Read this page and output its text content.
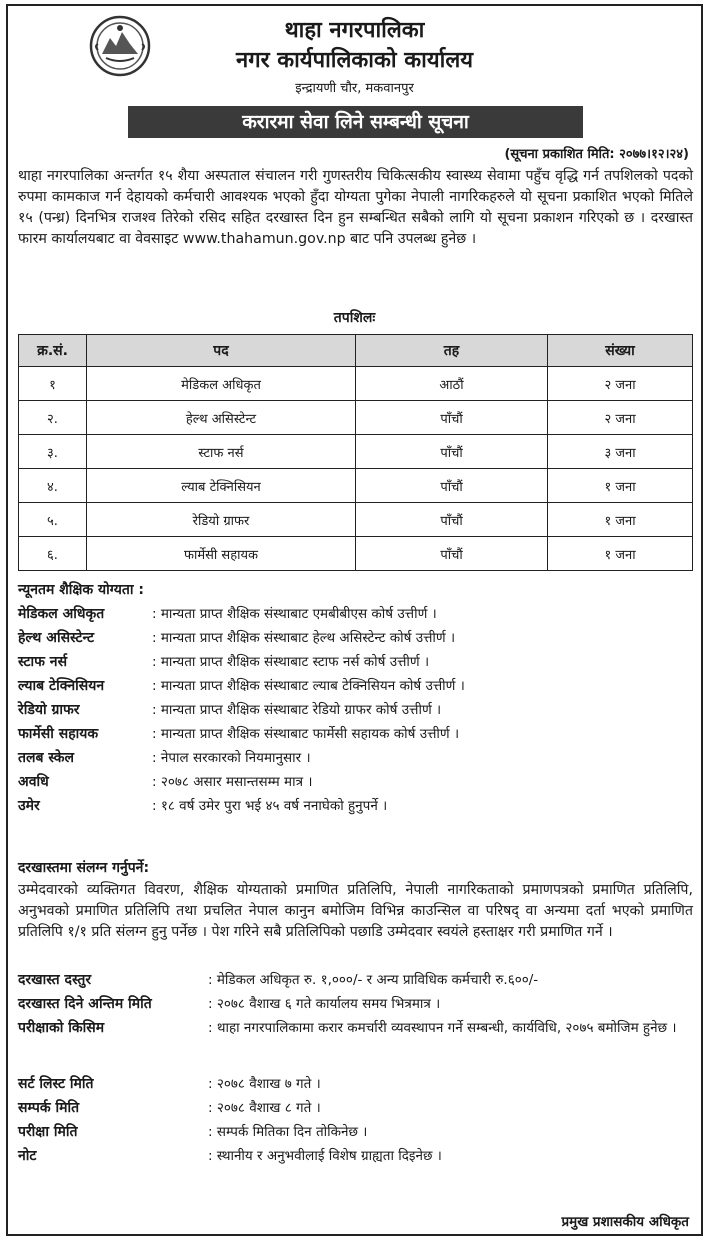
थाहा नगरपालिका
नगर कार्यपालिकाको कार्यालय
इन्द्रायणी चौर, मकवानपुर
करारमा सेवा लिने सम्बन्धी सूचना
(सूचना प्रकाशित मिति: २०७७।१२।२४)
थाहा नगरपालिका अन्तर्गत १५ शैया अस्पताल संचालन गरी गुणस्तरीय चिकित्सकीय स्वास्थ्य सेवामा पहुँच वृद्धि गर्न तपशिलको पदको रुपमा कामकाज गर्न देहायको कर्मचारी आवश्यक भएको हुँदा योग्यता पुगेका नेपाली नागरिकहरुले यो सूचना प्रकाशित भएको मितिले १५ (पन्ध्र) दिनभित्र राजश्व तिरेको रसिद सहित दरखास्त दिन हुन सम्बन्धित सबैको लागि यो सूचना प्रकाशन गरिएको छ । दरखास्त फारम कार्यालयबाट वा वेवसाइट www.thahamun.gov.np बाट पनि उपलब्ध हुनेछ ।
तपशिलः
क्र.सं.	पद	तह	संख्या
१	मेडिकल अधिकृत	आठौं	२ जना
२.	हेल्थ असिस्टेन्ट	पाँचौं	२ जना
३.	स्टाफ नर्स	पाँचौं	३ जना
४.	ल्याब टेक्निसियन	पाँचौं	१ जना
५.	रेडियो ग्राफर	पाँचौं	१ जना
६.	फार्मेसी सहायक	पाँचौं	१ जना
न्यूनतम शैक्षिक योग्यता :
मेडिकल अधिकृत	: मान्यता प्राप्त शैक्षिक संस्थाबाट एमबीबीएस कोर्ष उत्तीर्ण ।
हेल्थ असिस्टेन्ट	: मान्यता प्राप्त शैक्षिक संस्थाबाट हेल्थ असिस्टेन्ट कोर्ष उत्तीर्ण ।
स्टाफ नर्स	: मान्यता प्राप्त शैक्षिक संस्थाबाट स्टाफ नर्स कोर्ष उत्तीर्ण ।
ल्याब टेक्निसियन	: मान्यता प्राप्त शैक्षिक संस्थाबाट ल्याब टेक्निसियन कोर्ष उत्तीर्ण ।
रेडियो ग्राफर	: मान्यता प्राप्त शैक्षिक संस्थाबाट रेडियो ग्राफर कोर्ष उत्तीर्ण ।
फार्मेसी सहायक	: मान्यता प्राप्त शैक्षिक संस्थाबाट फार्मेसी सहायक कोर्ष उत्तीर्ण ।
तलब स्केल	: नेपाल सरकारको नियमानुसार ।
अवधि	: २०७८ असार मसान्तसम्म मात्र ।
उमेर	: १८ वर्ष उमेर पुरा भई ४५ वर्ष ननाघेको हुनुपर्ने ।
दरखास्तमा संलग्न गर्नुपर्ने:
उम्मेदवारको व्यक्तिगत विवरण, शैक्षिक योग्यताको प्रमाणित प्रतिलिपि, नेपाली नागरिकताको प्रमाणपत्रको प्रमाणित प्रतिलिपि, अनुभवको प्रमाणित प्रतिलिपि तथा प्रचलित नेपाल कानुन बमोजिम विभिन्न काउन्सिल वा परिषद् वा अन्यमा दर्ता भएको प्रमाणित प्रतिलिपि १/१ प्रति संलग्न हुनु पर्नेछ । पेश गरिने सबै प्रतिलिपिको पछाडि उम्मेदवार स्वयंले हस्ताक्षर गरी प्रमाणित गर्ने ।
दरखास्त दस्तुर	: मेडिकल अधिकृत रु. १,०००/- र अन्य प्राविधिक कर्मचारी रु.६००/-
दरखास्त दिने अन्तिम मिति	: २०७८ वैशाख ६ गते कार्यालय समय भित्रमात्र ।
परीक्षाको किसिम	: थाहा नगरपालिकामा करार कमर्चारी व्यवस्थापन गर्ने सम्बन्धी, कार्यविधि, २०७५ बमोजिम हुनेछ ।
सर्ट लिस्ट मिति	: २०७८ वैशाख ७ गते ।
सम्पर्क मिति	: २०७८ वैशाख ८ गते ।
परीक्षा मिति	: सम्पर्क मितिका दिन तोकिनेछ ।
नोट	: स्थानीय र अनुभवीलाई विशेष ग्राह्यता दिइनेछ ।
प्रमुख प्रशासकीय अधिकृत
